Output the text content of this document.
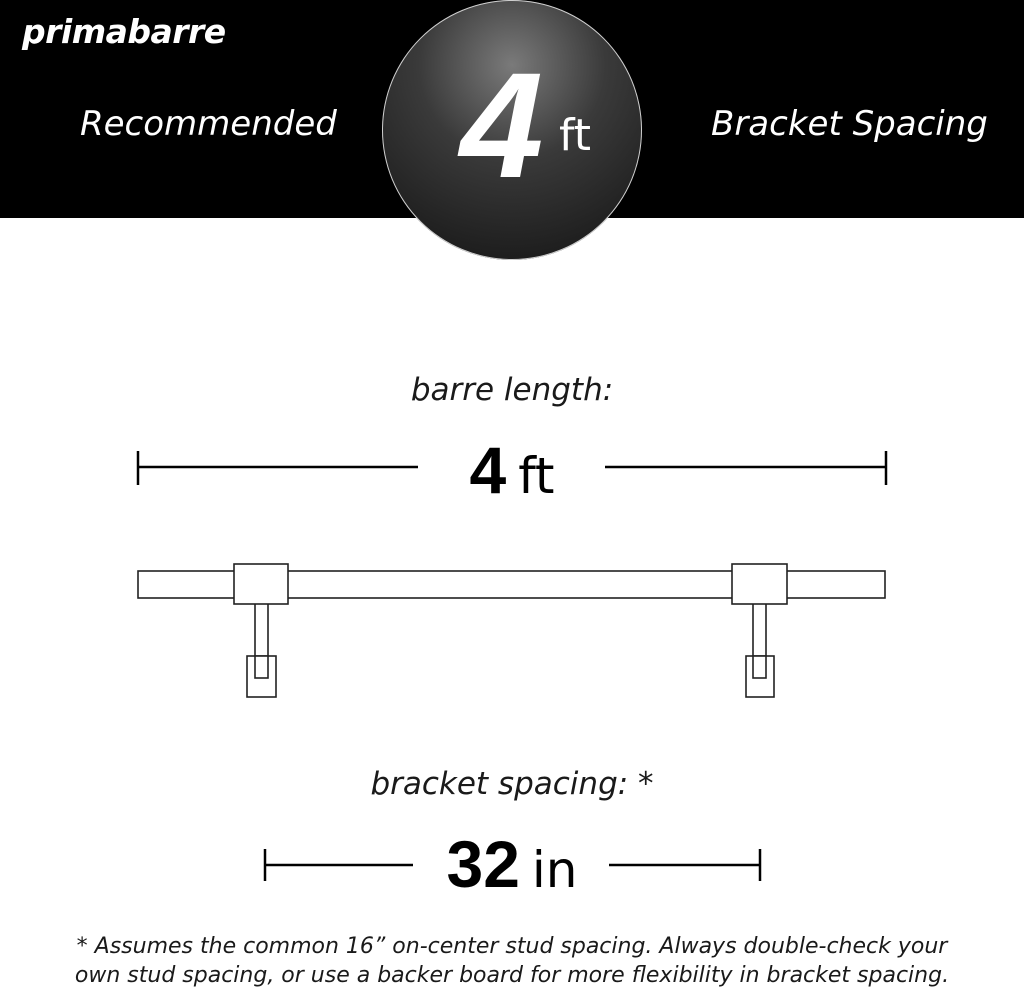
primabarre
Recommended	Bracket Spacing
4 ft
barre length:
4 ft
bracket spacing: *
32 in
* Assumes the common 16” on-center stud spacing. Always double-check your
own stud spacing, or use a backer board for more flexibility in bracket spacing.
